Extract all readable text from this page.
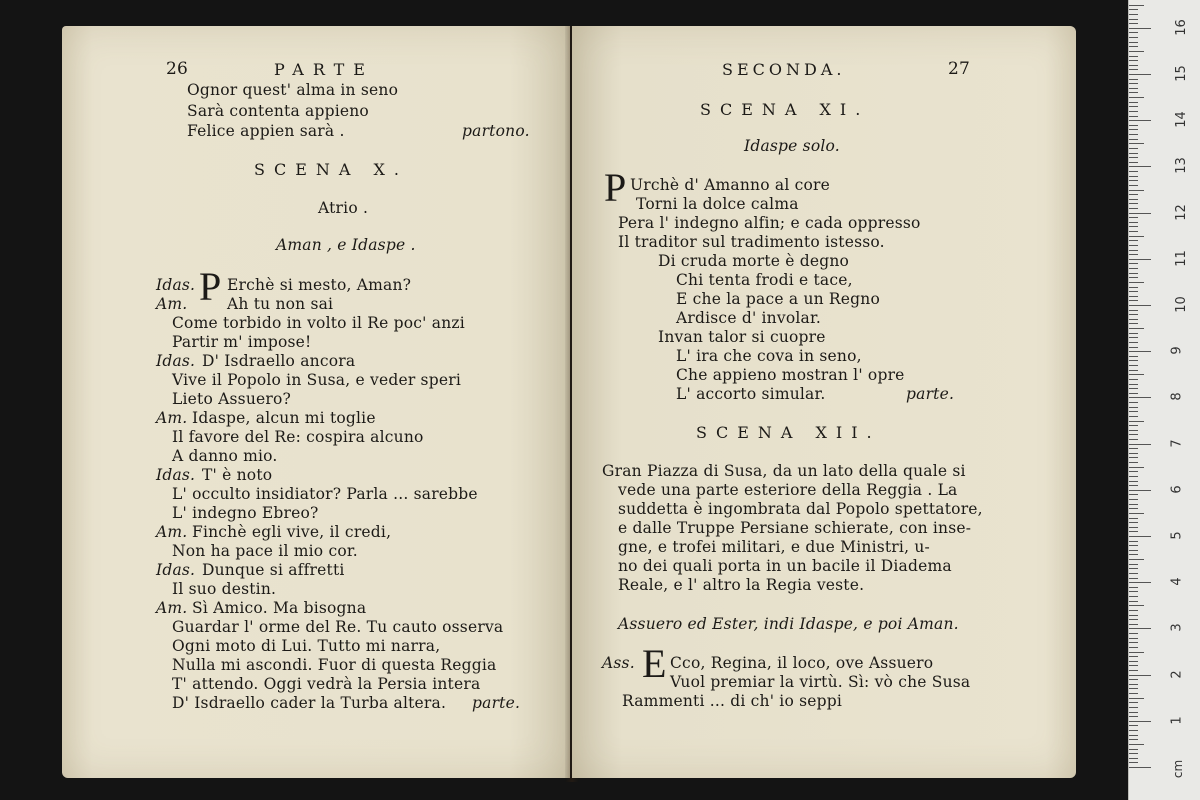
26	PARTE
Ognor quest' alma in seno
Sarà contenta appieno
Felice appien sarà .	partono.
SCENA X.
Atrio .
Aman , e Idaspe .
Idas. P Erchè si mesto, Aman?
Am.	Ah tu non sai
Come torbido in volto il Re poc' anzi
Partir m' impose!
Idas. D' Isdraello ancora
Vive il Popolo in Susa, e veder speri
Lieto Assuero?
Am. Idaspe, alcun mi toglie
Il favore del Re: cospira alcuno
A danno mio.
Idas. T' è noto
L' occulto insidiator? Parla ... sarebbe
L' indegno Ebreo?
Am. Finchè egli vive, il credi,
Non ha pace il mio cor.
Idas. Dunque si affretti
Il suo destin.
Am. Sì Amico. Ma bisogna
Guardar l' orme del Re. Tu cauto osserva
Ogni moto di Lui. Tutto mi narra,
Nulla mi ascondi. Fuor di questa Reggia
T' attendo. Oggi vedrà la Persia intera
D' Isdraello cader la Turba altera. parte.
SECONDA.	27
SCENA XI.
Idaspe solo.
P Urchè d' Amanno al core
Torni la dolce calma
Pera l' indegno alfin; e cada oppresso
Il traditor sul tradimento istesso.
Di cruda morte è degno
Chi tenta frodi e tace,
E che la pace a un Regno
Ardisce d' involar.
Invan talor si cuopre
L' ira che cova in seno,
Che appieno mostran l' opre
L' accorto simular.	parte.
SCENA XII.
Gran Piazza di Susa, da un lato della quale si
vede una parte esteriore della Reggia . La
suddetta è ingombrata dal Popolo spettatore,
e dalle Truppe Persiane schierate, con inse-
gne, e trofei militari, e due Ministri, u-
no dei quali porta in un bacile il Diadema
Reale, e l' altro la Regia veste.
Assuero ed Ester, indi Idaspe, e poi Aman.
Ass. E Cco, Regina, il loco, ove Assuero
Vuol premiar la virtù. Sì: vò che Susa
Rammenti ... di ch' io seppi
cm
1
2
3
4
5
6
7
8
9
10
11
12
13
14
15
16
